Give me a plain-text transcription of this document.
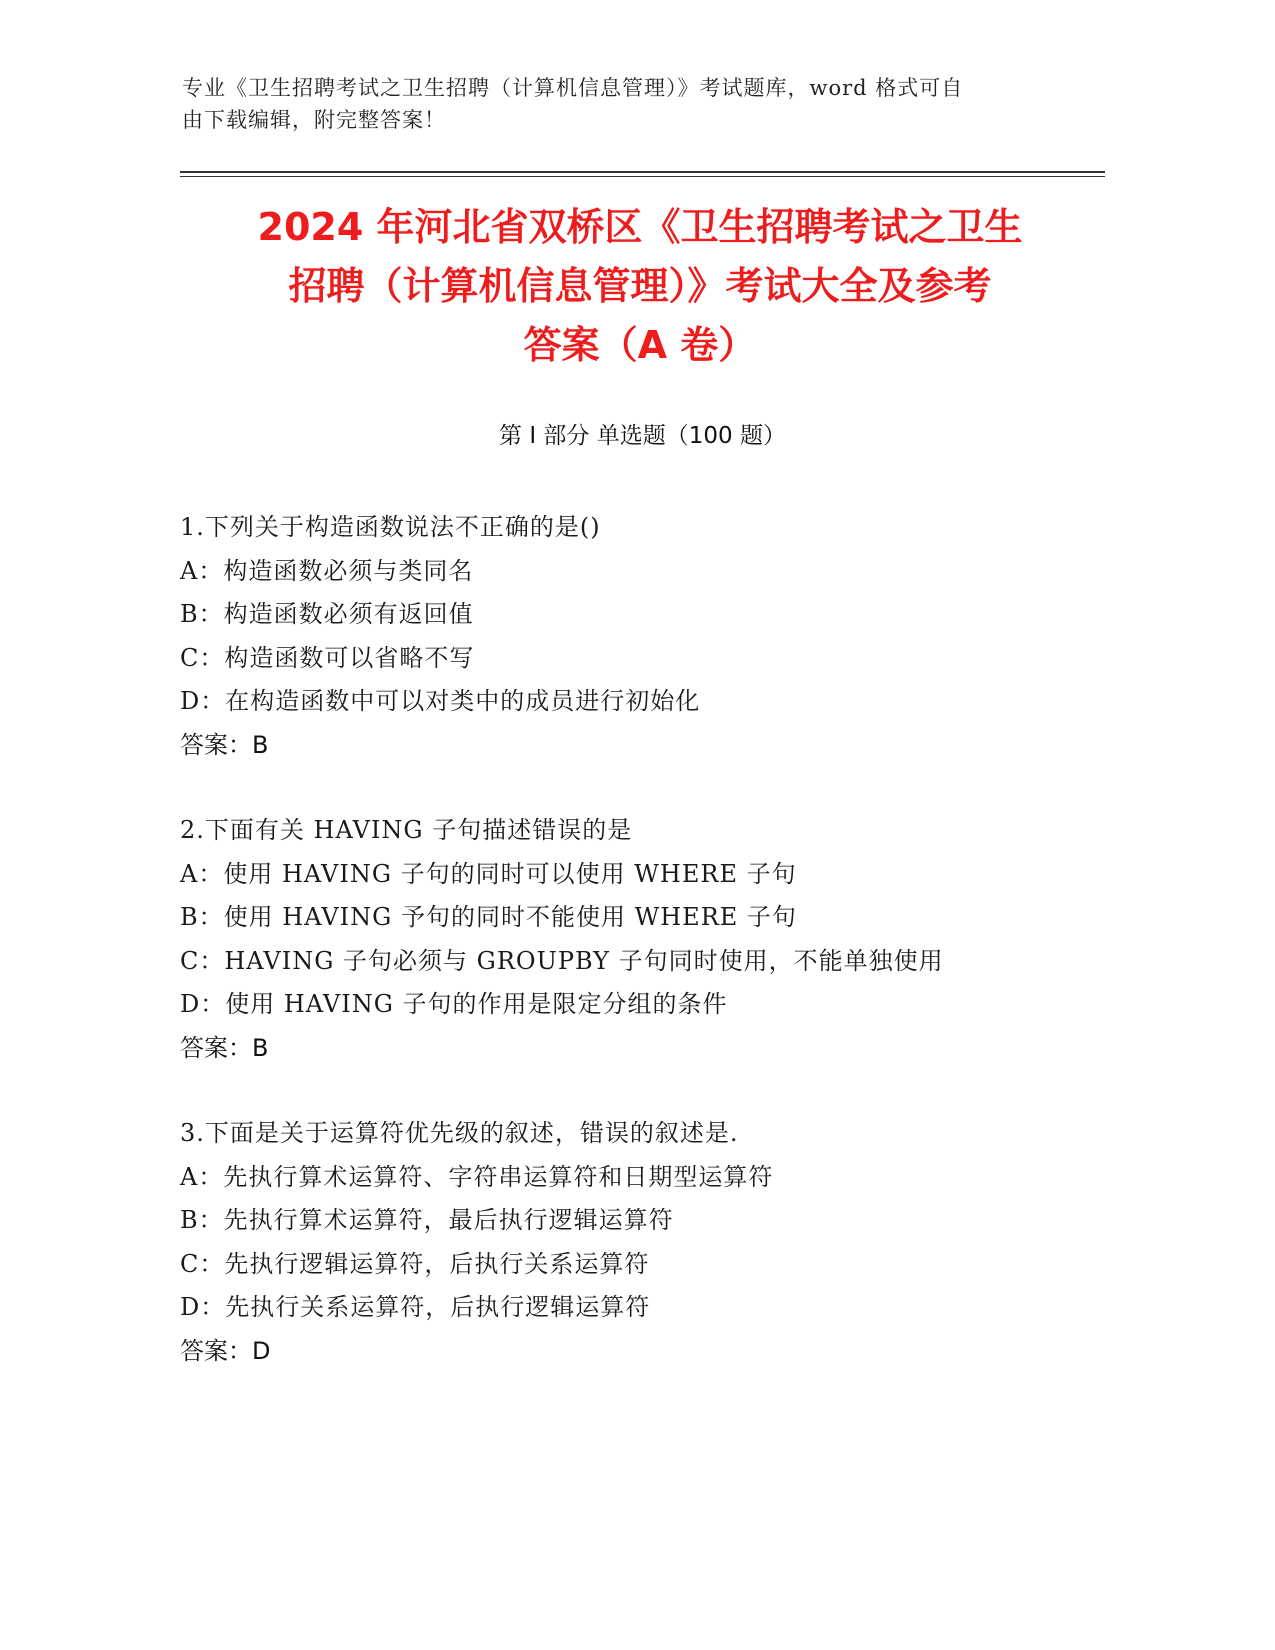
专业《卫生招聘考试之卫生招聘（计算机信息管理）》考试题库，word 格式可自
由下载编辑，附完整答案！
2024 年河北省双桥区《卫生招聘考试之卫生
招聘（计算机信息管理）》考试大全及参考
答案（A 卷）
第 I 部分 单选题（100 题）
1.下列关于构造函数说法不正确的是()
A：构造函数必须与类同名
B：构造函数必须有返回值
C：构造函数可以省略不写
D：在构造函数中可以对类中的成员进行初始化
答案：B
2.下面有关 HAVING 子句描述错误的是
A：使用 HAVING 子句的同时可以使用 WHERE 子句
B：使用 HAVING 予句的同时不能使用 WHERE 子句
C：HAVING 子句必须与 GROUPBY 子句同时使用，不能单独使用
D：使用 HAVING 子句的作用是限定分组的条件
答案：B
3.下面是关于运算符优先级的叙述，错误的叙述是.
A：先执行算术运算符、字符串运算符和日期型运算符
B：先执行算术运算符，最后执行逻辑运算符
C：先执行逻辑运算符，后执行关系运算符
D：先执行关系运算符，后执行逻辑运算符
答案：D
